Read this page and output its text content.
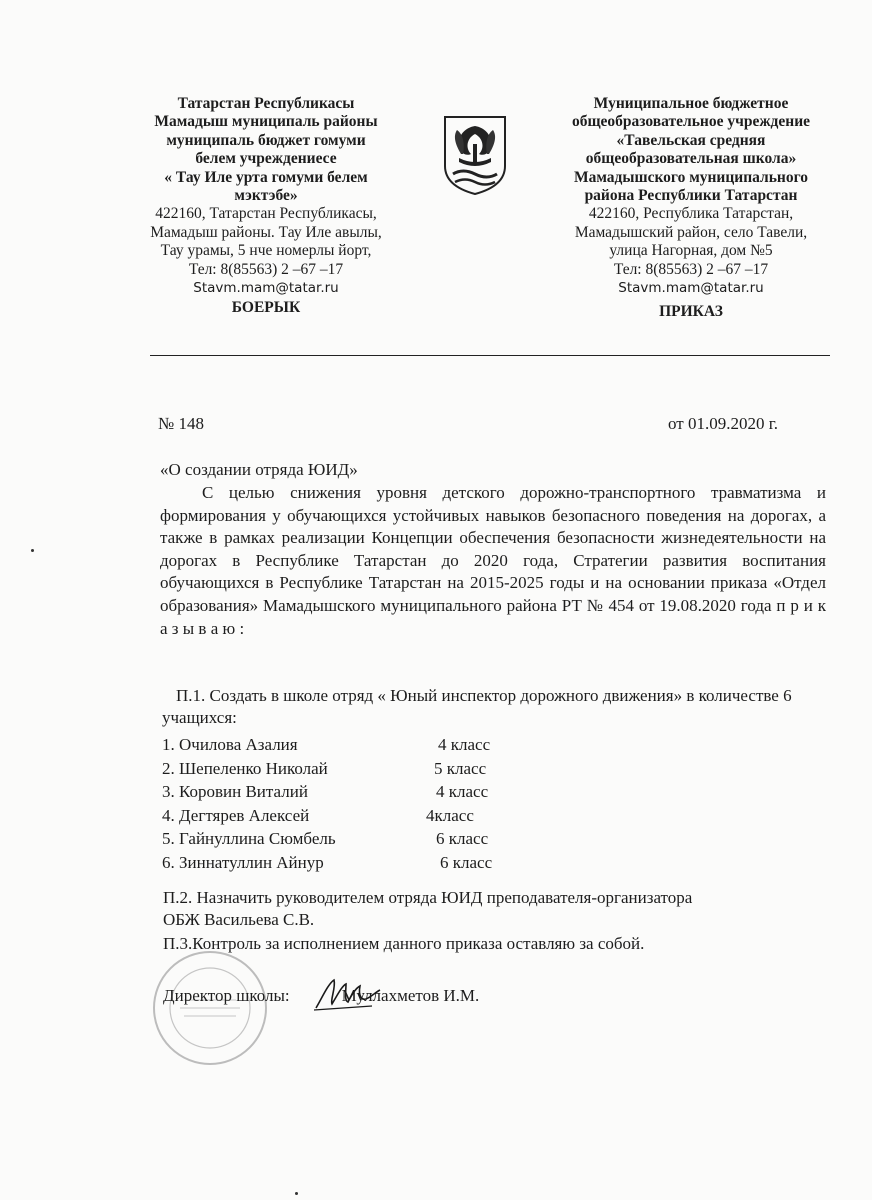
Татарстан Республикасы
Мамадыш муниципаль районы
муниципаль бюджет гомуми
белем учреждениесе
« Тау Иле урта гомуми белем
мэктэбе»
422160, Татарстан Республикасы,
Мамадыш районы. Тау Иле авылы,
Тау урамы, 5 нче номерлы йорт,
Тел: 8(85563) 2 –67 –17
Stavm.mam@tatar.ru
БОЕРЫК
Муниципальное бюджетное
общеобразовательное учреждение
«Тавельская средняя
общеобразовательная школа»
Мамадышского муниципального
района Республики Татарстан
422160, Республика Татарстан,
Мамадышский район, село Тавели,
улица Нагорная, дом №5
Тел: 8(85563) 2 –67 –17
Stavm.mam@tatar.ru
ПРИКАЗ
№ 148	от 01.09.2020 г.
«О создании отряда ЮИД»
С целью снижения уровня детского дорожно-транспортного травматизма и формирования у обучающихся устойчивых навыков безопасного поведения на дорогах, а также в рамках реализации Концепции обеспечения безопасности жизнедеятельности на дорогах в Республике Татарстан до 2020 года, Стратегии развития воспитания обучающихся в Республике Татарстан на 2015-2025 годы и на основании приказа «Отдел образования» Мамадышского муниципального района РТ № 454 от 19.08.2020 года п р и к а з ы в а ю :
П.1. Создать в школе отряд « Юный инспектор дорожного движения» в количестве 6 учащихся:
1. Очилова Азалия	4 класс
2. Шепеленко Николай	5 класс
3. Коровин Виталий	4 класс
4. Дегтярев Алексей	4класс
5. Гайнуллина Сюмбель	6 класс
6. Зиннатуллин Айнур	6 класс
П.2. Назначить руководителем отряда ЮИД преподавателя-организатора
ОБЖ Васильева С.В.
П.3.Контроль за исполнением данного приказа оставляю за собой.
Директор школы:	Муллахметов И.М.
